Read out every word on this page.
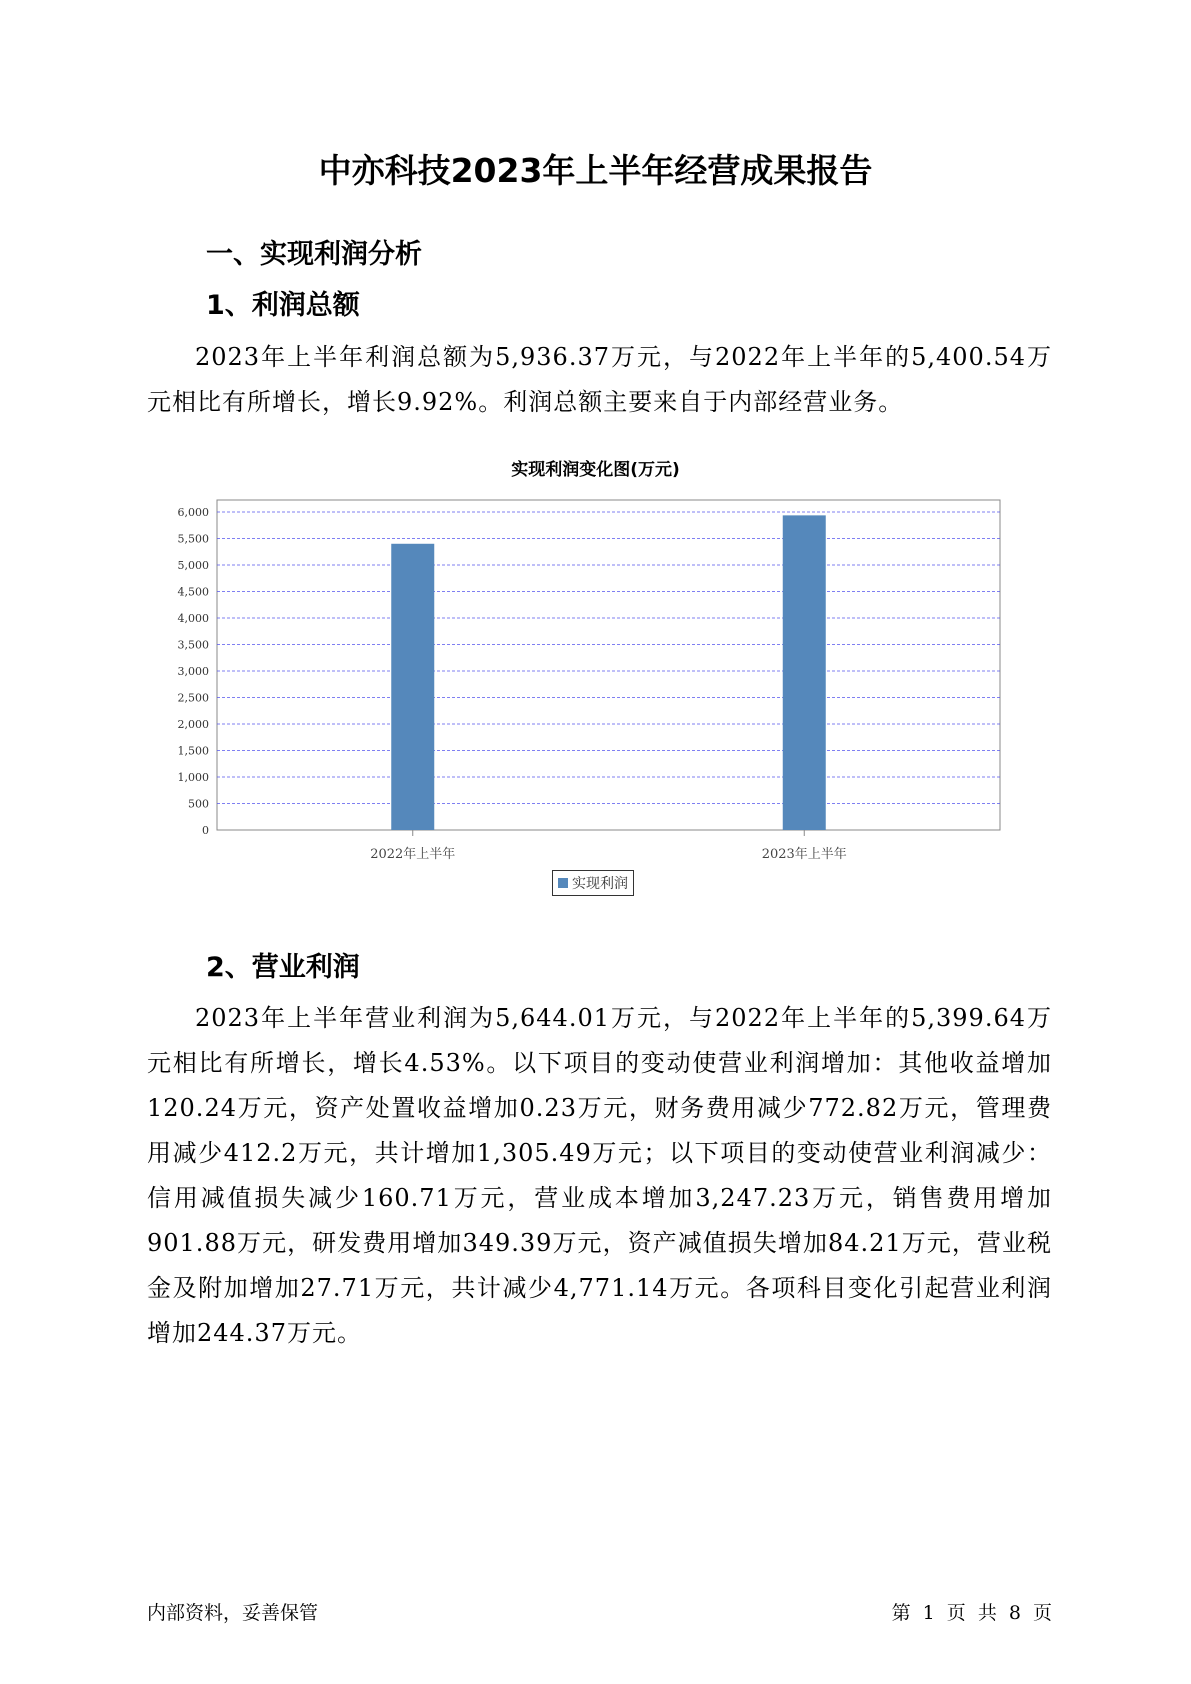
中亦科技2023年上半年经营成果报告
一、实现利润分析
1、利润总额
2023年上半年利润总额为5,936.37万元，与2022年上半年的5,400.54万元相比有所增长，增长9.92%。利润总额主要来自于内部经营业务。
实现利润变化图(万元)
0
500
1,000
1,500
2,000
2,500
3,000
3,500
4,000
4,500
5,000
5,500
6,000
2022年上半年	2023年上半年
实现利润
2、营业利润
2023年上半年营业利润为5,644.01万元，与2022年上半年的5,399.64万元相比有所增长，增长4.53%。以下项目的变动使营业利润增加：其他收益增加120.24万元，资产处置收益增加0.23万元，财务费用减少772.82万元，管理费用减少412.2万元，共计增加1,305.49万元；以下项目的变动使营业利润减少：信用减值损失减少160.71万元，营业成本增加3,247.23万元，销售费用增加901.88万元，研发费用增加349.39万元，资产减值损失增加84.21万元，营业税金及附加增加27.71万元，共计减少4,771.14万元。各项科目变化引起营业利润增加244.37万元。
内部资料，妥善保管	第 1 页 共 8 页
